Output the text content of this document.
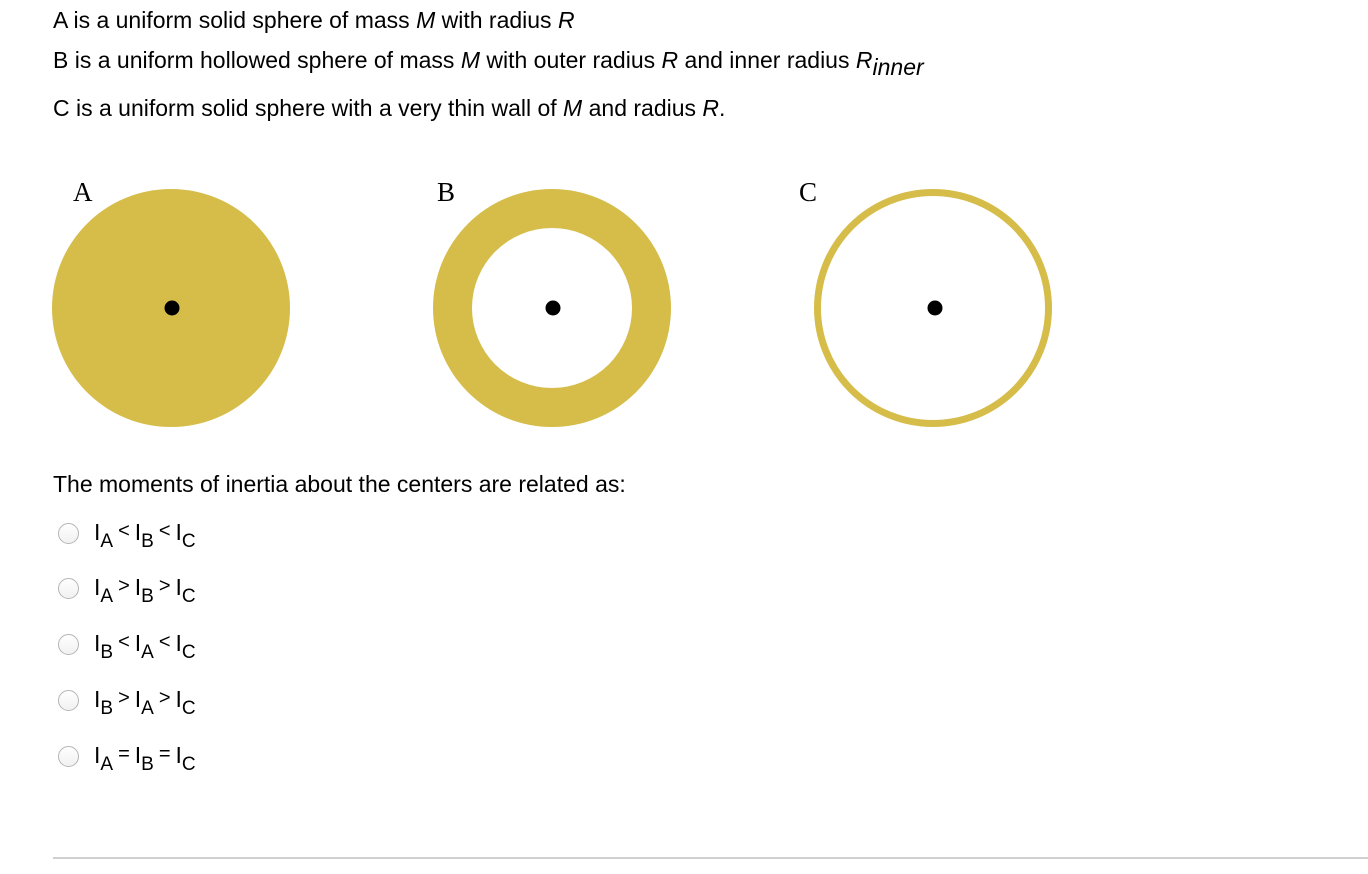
A is a uniform solid sphere of mass M with radius R

B is a uniform hollowed sphere of mass M with outer radius R and inner radius Rinner

C is a uniform solid sphere with a very thin wall of M and radius R.

A	B	C
The moments of inertia about the centers are related as:
I A < I B < I C
I A > I B > I C
I B < I A < I C
I B > I A > I C
I A = I B = I C
